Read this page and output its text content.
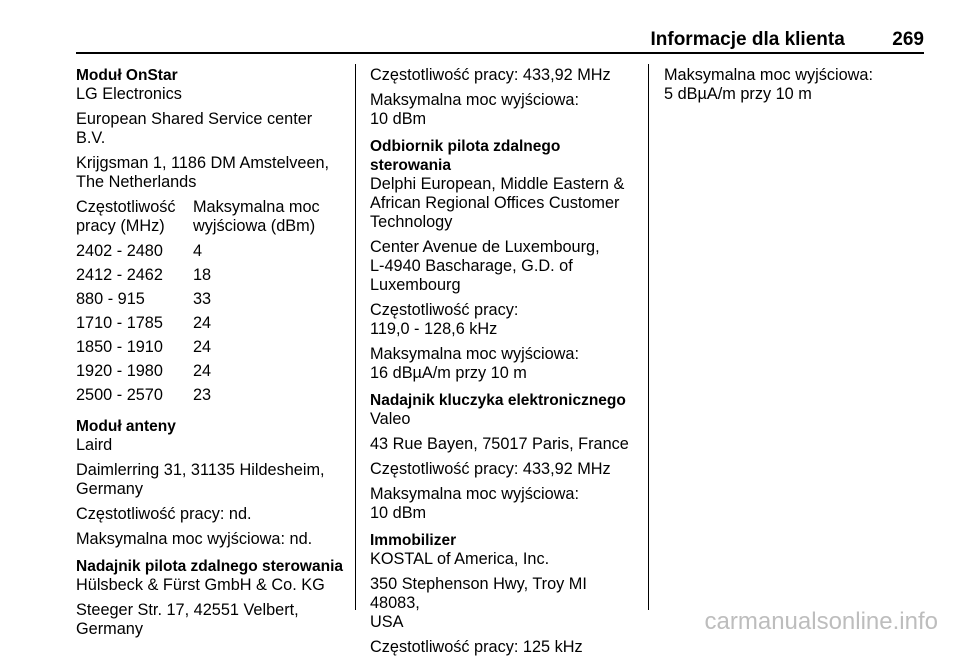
Informacje dla klienta	269
Moduł OnStar
LG Electronics
European Shared Service center B.V.
Krijgsman 1, 1186 DM Amstelveen,
The Netherlands
Częstotliwość
pracy (MHz)	Maksymalna moc
wyjściowa (dBm)
2402 - 2480	4
2412 - 2462	18
880 - 915	33
1710 - 1785	24
1850 - 1910	24
1920 - 1980	24
2500 - 2570	23
Moduł anteny
Laird
Daimlerring 31, 31135 Hildesheim,
Germany
Częstotliwość pracy: nd.
Maksymalna moc wyjściowa: nd.
Nadajnik pilota zdalnego sterowania
Hülsbeck & Fürst GmbH & Co. KG
Steeger Str. 17, 42551 Velbert,
Germany
Częstotliwość pracy: 433,92 MHz
Maksymalna moc wyjściowa:
10 dBm
Odbiornik pilota zdalnego sterowania
Delphi European, Middle Eastern &
African Regional Offices Customer
Technology
Center Avenue de Luxembourg,
L-4940 Bascharage, G.D. of
Luxembourg
Częstotliwość pracy:
119,0 - 128,6 kHz
Maksymalna moc wyjściowa:
16 dBµA/m przy 10 m
Nadajnik kluczyka elektronicznego
Valeo
43 Rue Bayen, 75017 Paris, France
Częstotliwość pracy: 433,92 MHz
Maksymalna moc wyjściowa:
10 dBm
Immobilizer
KOSTAL of America, Inc.
350 Stephenson Hwy, Troy MI 48083,
USA
Częstotliwość pracy: 125 kHz
Maksymalna moc wyjściowa:
5 dBµA/m przy 10 m
carmanualsonline.info
